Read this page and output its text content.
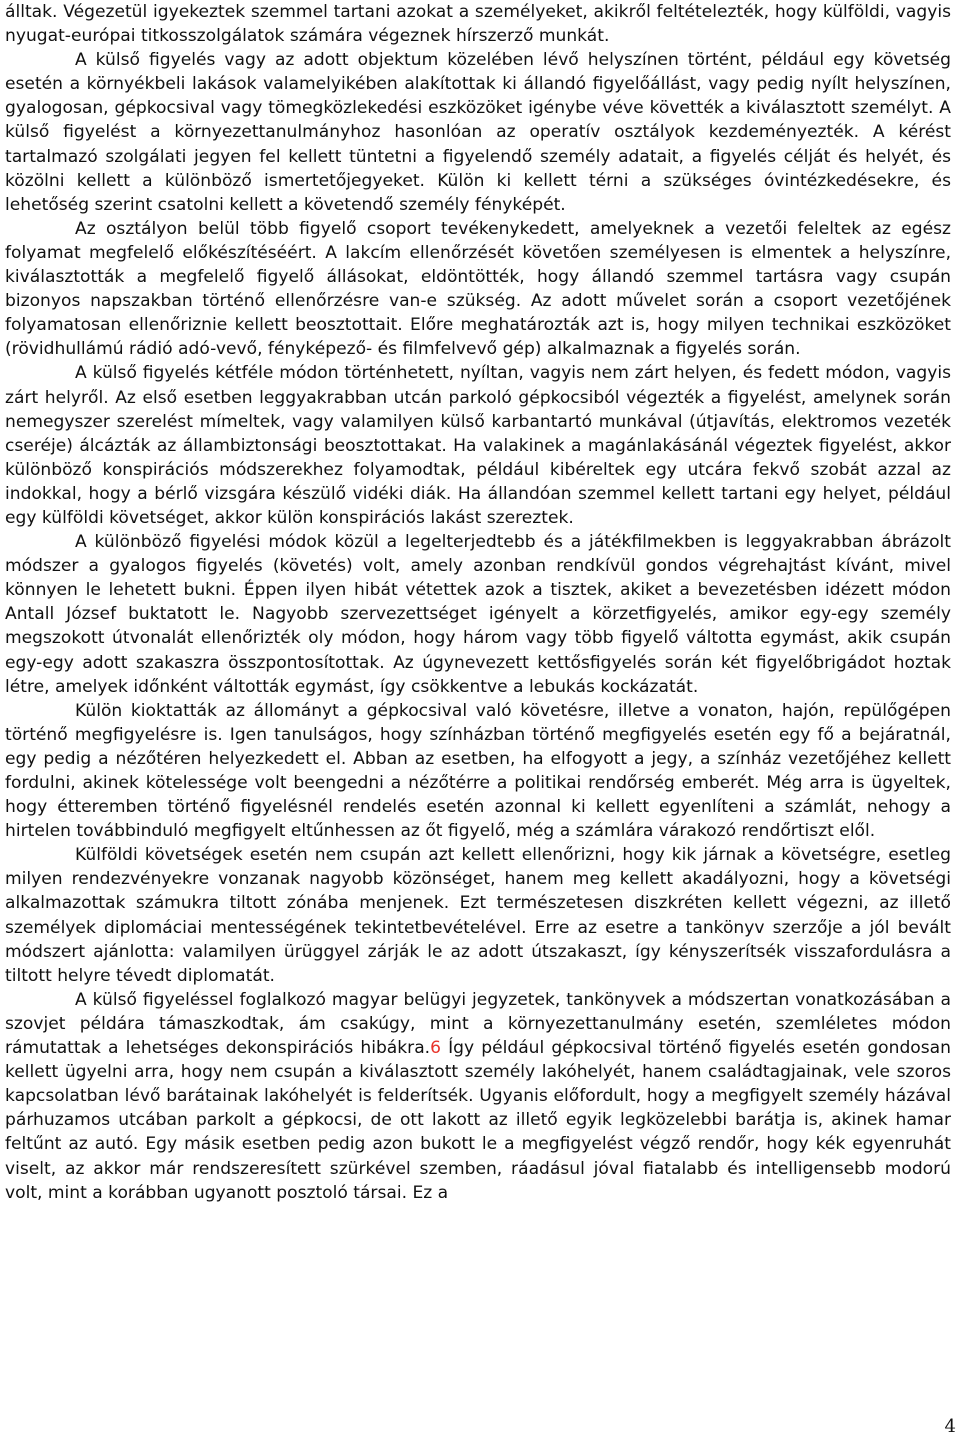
álltak. Végezetül igyekeztek szemmel tartani azokat a személyeket, akikről feltételezték, hogy külföldi, vagyis nyugat-európai titkosszolgálatok számára végeznek hírszerző munkát.

A külső figyelés vagy az adott objektum közelében lévő helyszínen történt, például egy követség esetén a környékbeli lakások valamelyikében alakítottak ki állandó figyelőállást, vagy pedig nyílt helyszínen, gyalogosan, gépkocsival vagy tömegközlekedési eszközöket igénybe véve követték a kiválasztott személyt. A külső figyelést a környezettanulmányhoz hasonlóan az operatív osztályok kezdeményezték. A kérést tartalmazó szolgálati jegyen fel kellett tüntetni a figyelendő személy adatait, a figyelés célját és helyét, és közölni kellett a különböző ismertetőjegyeket. Külön ki kellett térni a szükséges óvintézkedésekre, és lehetőség szerint csatolni kellett a követendő személy fényképét.

Az osztályon belül több figyelő csoport tevékenykedett, amelyeknek a vezetői feleltek az egész folyamat megfelelő előkészítéséért. A lakcím ellenőrzését követően személyesen is elmentek a helyszínre, kiválasztották a megfelelő figyelő állásokat, eldöntötték, hogy állandó szemmel tartásra vagy csupán bizonyos napszakban történő ellenőrzésre van-e szükség. Az adott művelet során a csoport vezetőjének folyamatosan ellenőriznie kellett beosztottait. Előre meghatározták azt is, hogy milyen technikai eszközöket (rövidhullámú rádió adó-vevő, fényképező- és filmfelvevő gép) alkalmaznak a figyelés során.

A külső figyelés kétféle módon történhetett, nyíltan, vagyis nem zárt helyen, és fedett módon, vagyis zárt helyről. Az első esetben leggyakrabban utcán parkoló gépkocsiból végezték a figyelést, amelynek során nemegyszer szerelést mímeltek, vagy valamilyen külső karbantartó munkával (útjavítás, elektromos vezeték cseréje) álcázták az állambiztonsági beosztottakat. Ha valakinek a magánlakásánál végeztek figyelést, akkor különböző konspirációs módszerekhez folyamodtak, például kibéreltek egy utcára fekvő szobát azzal az indokkal, hogy a bérlő vizsgára készülő vidéki diák. Ha állandóan szemmel kellett tartani egy helyet, például egy külföldi követséget, akkor külön konspirációs lakást szereztek.

A különböző figyelési módok közül a legelterjedtebb és a játékfilmekben is leggyakrabban ábrázolt módszer a gyalogos figyelés (követés) volt, amely azonban rendkívül gondos végrehajtást kívánt, mivel könnyen le lehetett bukni. Éppen ilyen hibát vétettek azok a tisztek, akiket a bevezetésben idézett módon Antall József buktatott le. Nagyobb szervezettséget igényelt a körzetfigyelés, amikor egy-egy személy megszokott útvonalát ellenőrizték oly módon, hogy három vagy több figyelő váltotta egymást, akik csupán egy-egy adott szakaszra összpontosítottak. Az úgynevezett kettősfigyelés során két figyelőbrigádot hoztak létre, amelyek időnként váltották egymást, így csökkentve a lebukás kockázatát.

Külön kioktatták az állományt a gépkocsival való követésre, illetve a vonaton, hajón, repülőgépen történő megfigyelésre is. Igen tanulságos, hogy színházban történő megfigyelés esetén egy fő a bejáratnál, egy pedig a nézőtéren helyezkedett el. Abban az esetben, ha elfogyott a jegy, a színház vezetőjéhez kellett fordulni, akinek kötelessége volt beengedni a nézőtérre a politikai rendőrség emberét. Még arra is ügyeltek, hogy étteremben történő figyelésnél rendelés esetén azonnal ki kellett egyenlíteni a számlát, nehogy a hirtelen továbbinduló megfigyelt eltűnhessen az őt figyelő, még a számlára várakozó rendőrtiszt elől.

Külföldi követségek esetén nem csupán azt kellett ellenőrizni, hogy kik járnak a követségre, esetleg milyen rendezvényekre vonzanak nagyobb közönséget, hanem meg kellett akadályozni, hogy a követségi alkalmazottak számukra tiltott zónába menjenek. Ezt természetesen diszkréten kellett végezni, az illető személyek diplomáciai mentességének tekintetbevételével. Erre az esetre a tankönyv szerzője a jól bevált módszert ajánlotta: valamilyen ürüggyel zárják le az adott útszakaszt, így kényszerítsék visszafordulásra a tiltott helyre tévedt diplomatát.

A külső figyeléssel foglalkozó magyar belügyi jegyzetek, tankönyvek a módszertan vonatkozásában a szovjet példára támaszkodtak, ám csakúgy, mint a környezettanulmány esetén, szemléletes módon rámutattak a lehetséges dekonspirációs hibákra.6 Így például gépkocsival történő figyelés esetén gondosan kellett ügyelni arra, hogy nem csupán a kiválasztott személy lakóhelyét, hanem családtagjainak, vele szoros kapcsolatban lévő barátainak lakóhelyét is felderítsék. Ugyanis előfordult, hogy a megfigyelt személy házával párhuzamos utcában parkolt a gépkocsi, de ott lakott az illető egyik legközelebbi barátja is, akinek hamar feltűnt az autó. Egy másik esetben pedig azon bukott le a megfigyelést végző rendőr, hogy kék egyenruhát viselt, az akkor már rendszeresített szürkével szemben, ráadásul jóval fiatalabb és intelligensebb modorú volt, mint a korábban ugyanott posztoló társai. Ez a

4
